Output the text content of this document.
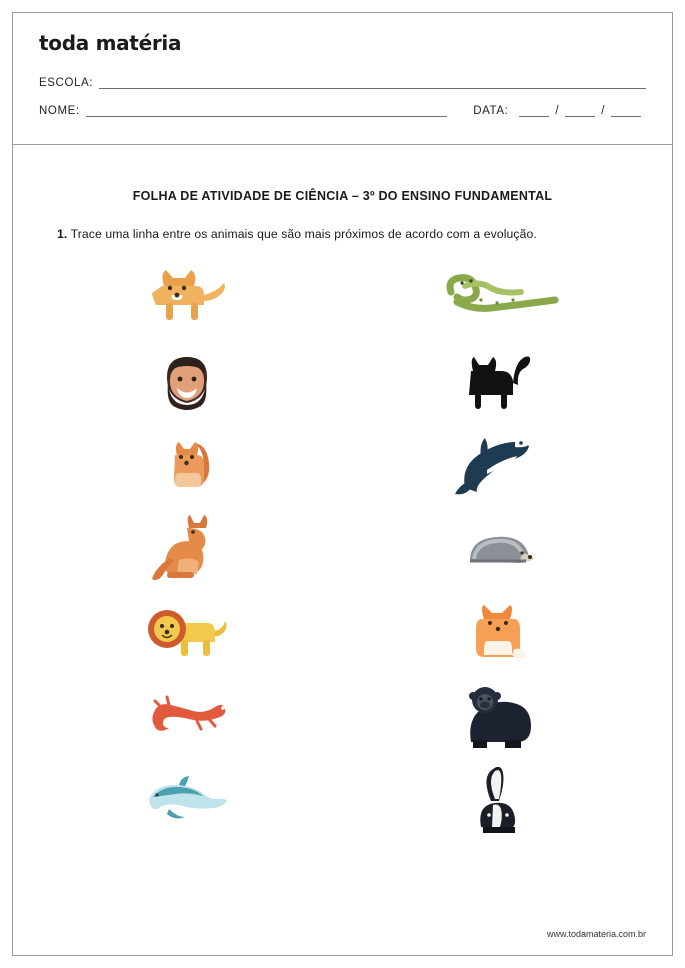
toda matéria
ESCOLA:
NOME:	DATA:	/	/
FOLHA DE ATIVIDADE DE CIÊNCIA – 3º DO ENSINO FUNDAMENTAL
1. Trace uma linha entre os animais que são mais próximos de acordo com a evolução.
www.todamateria.com.br
